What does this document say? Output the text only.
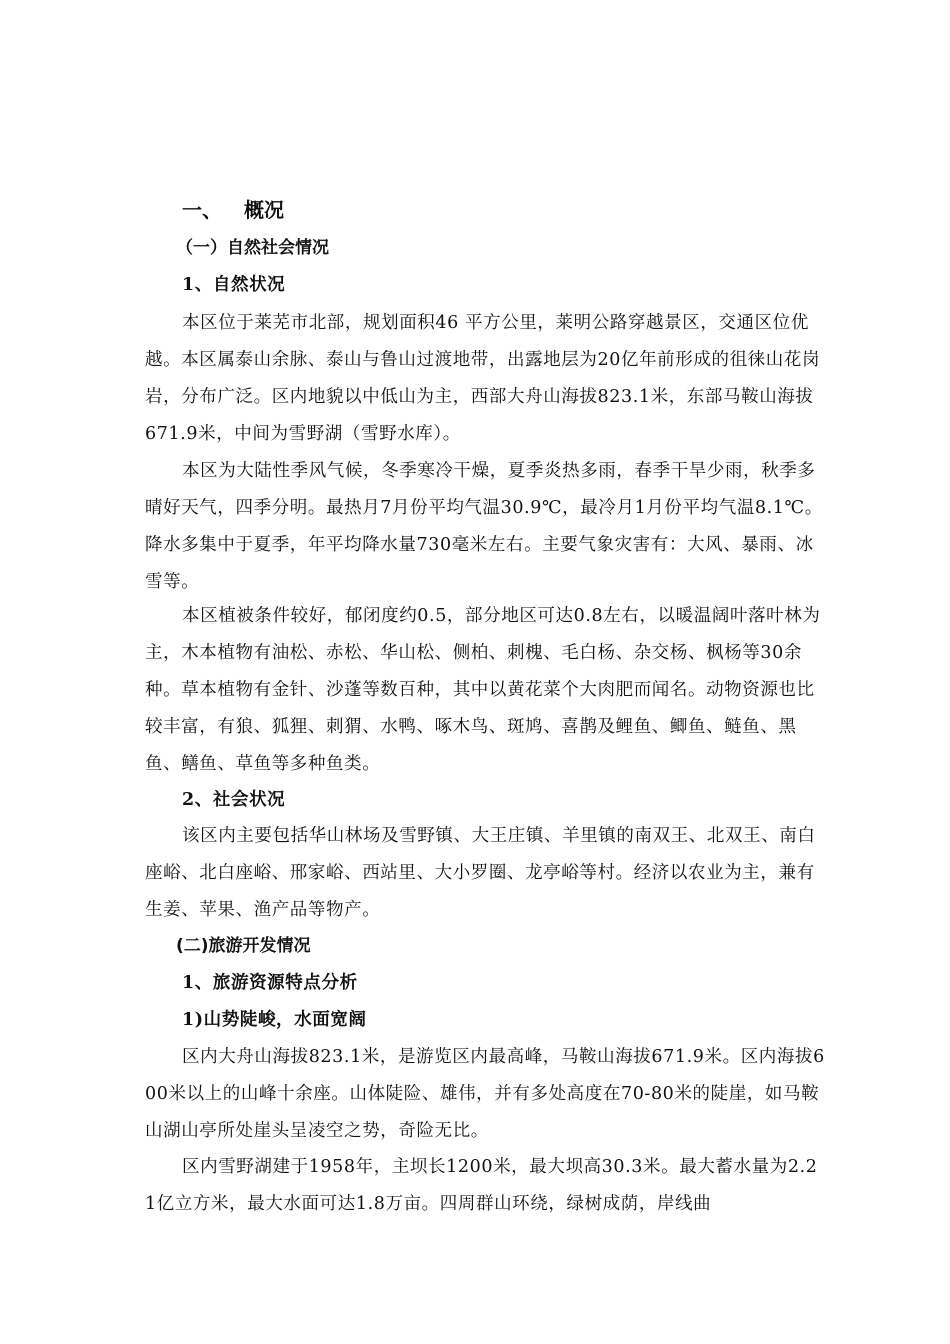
一、 概况
（一）自然社会情况
1、自然状况

本区位于莱芜市北部，规划面积46 平方公里，莱明公路穿越景区，交通区位优越。本区属泰山余脉、泰山与鲁山过渡地带，出露地层为20亿年前形成的徂徕山花岗岩，分布广泛。区内地貌以中低山为主，西部大舟山海拔823.1米，东部马鞍山海拔671.9米，中间为雪野湖（雪野水库）。

本区为大陆性季风气候，冬季寒冷干燥，夏季炎热多雨，春季干旱少雨，秋季多晴好天气，四季分明。最热月7月份平均气温30.9℃，最冷月1月份平均气温8.1℃。降水多集中于夏季，年平均降水量730毫米左右。主要气象灾害有：大风、暴雨、冰雪等。

本区植被条件较好，郁闭度约0.5，部分地区可达0.8左右，以暖温阔叶落叶林为主，木本植物有油松、赤松、华山松、侧柏、刺槐、毛白杨、杂交杨、枫杨等30余种。草本植物有金针、沙蓬等数百种，其中以黄花菜个大肉肥而闻名。动物资源也比较丰富，有狼、狐狸、刺猬、水鸭、啄木鸟、斑鸠、喜鹊及鲤鱼、鲫鱼、鲢鱼、黑鱼、鳝鱼、草鱼等多种鱼类。

2、社会状况

该区内主要包括华山林场及雪野镇、大王庄镇、羊里镇的南双王、北双王、南白座峪、北白座峪、邢家峪、西站里、大小罗圈、龙亭峪等村。经济以农业为主，兼有生姜、苹果、渔产品等物产。

(二)旅游开发情况
1、旅游资源特点分析
1)山势陡峻，水面宽阔

区内大舟山海拔823.1米，是游览区内最高峰，马鞍山海拔671.9米。区内海拔600米以上的山峰十余座。山体陡险、雄伟，并有多处高度在70-80米的陡崖，如马鞍山湖山亭所处崖头呈凌空之势，奇险无比。

区内雪野湖建于1958年，主坝长1200米，最大坝高30.3米。最大蓄水量为2.21亿立方米，最大水面可达1.8万亩。四周群山环绕，绿树成荫，岸线曲
